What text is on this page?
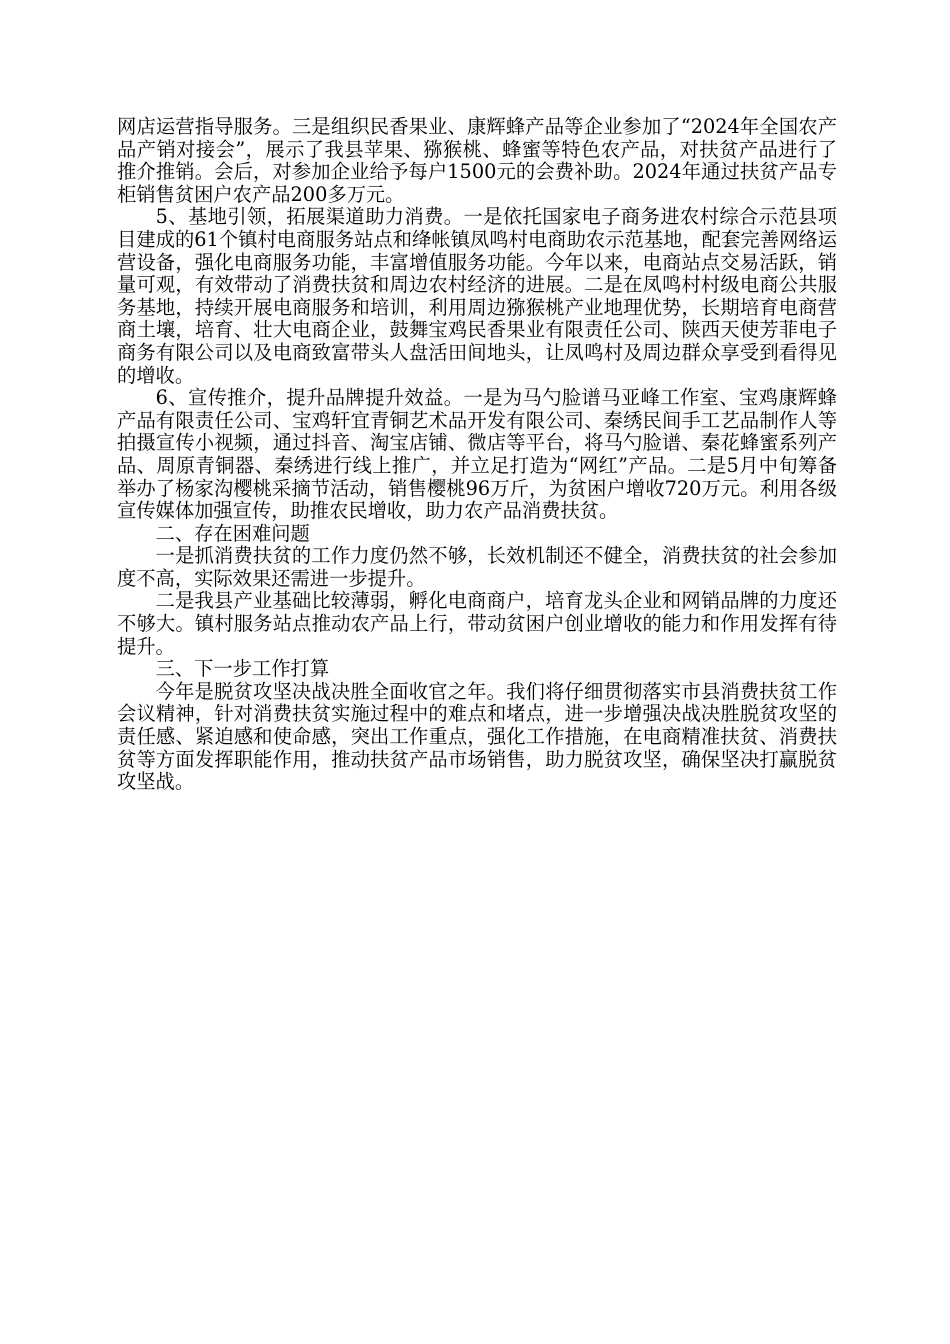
网店运营指导服务。三是组织民香果业、康辉蜂产品等企业参加了“2024年全国农产品产销对接会”，展示了我县苹果、猕猴桃、蜂蜜等特色农产品，对扶贫产品进行了推介推销。会后，对参加企业给予每户1500元的会费补助。2024年通过扶贫产品专柜销售贫困户农产品200多万元。

5、基地引领，拓展渠道助力消费。一是依托国家电子商务进农村综合示范县项目建成的61个镇村电商服务站点和绛帐镇凤鸣村电商助农示范基地，配套完善网络运营设备，强化电商服务功能，丰富增值服务功能。今年以来，电商站点交易活跃，销量可观，有效带动了消费扶贫和周边农村经济的进展。二是在凤鸣村村级电商公共服务基地，持续开展电商服务和培训，利用周边猕猴桃产业地理优势，长期培育电商营商土壤，培育、壮大电商企业，鼓舞宝鸡民香果业有限责任公司、陕西天使芳菲电子商务有限公司以及电商致富带头人盘活田间地头，让凤鸣村及周边群众享受到看得见的增收。

6、宣传推介，提升品牌提升效益。一是为马勺脸谱马亚峰工作室、宝鸡康辉蜂产品有限责任公司、宝鸡轩宜青铜艺术品开发有限公司、秦绣民间手工艺品制作人等拍摄宣传小视频，通过抖音、淘宝店铺、微店等平台，将马勺脸谱、秦花蜂蜜系列产品、周原青铜器、秦绣进行线上推广，并立足打造为“网红”产品。二是5月中旬筹备举办了杨家沟樱桃采摘节活动，销售樱桃96万斤，为贫困户增收720万元。利用各级宣传媒体加强宣传，助推农民增收，助力农产品消费扶贫。

二、存在困难问题

一是抓消费扶贫的工作力度仍然不够，长效机制还不健全，消费扶贫的社会参加度不高，实际效果还需进一步提升。

二是我县产业基础比较薄弱，孵化电商商户，培育龙头企业和网销品牌的力度还不够大。镇村服务站点推动农产品上行，带动贫困户创业增收的能力和作用发挥有待提升。

三、下一步工作打算

今年是脱贫攻坚决战决胜全面收官之年。我们将仔细贯彻落实市县消费扶贫工作会议精神，针对消费扶贫实施过程中的难点和堵点，进一步增强决战决胜脱贫攻坚的责任感、紧迫感和使命感，突出工作重点，强化工作措施，在电商精准扶贫、消费扶贫等方面发挥职能作用，推动扶贫产品市场销售，助力脱贫攻坚，确保坚决打赢脱贫攻坚战。
